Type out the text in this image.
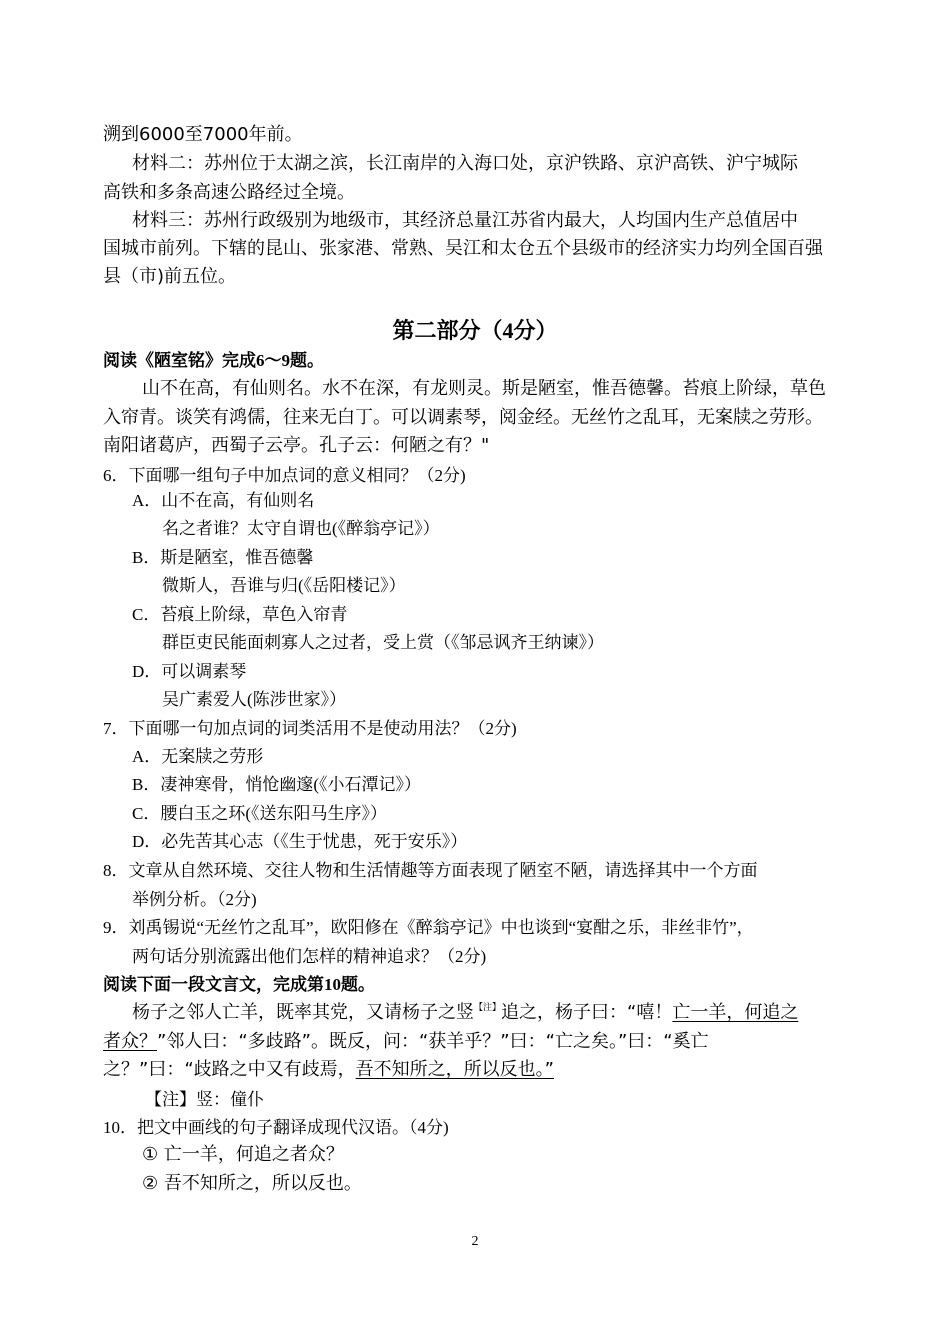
溯到6000至7000年前。
材料二：苏州位于太湖之滨，长江南岸的入海口处，京沪铁路、京沪高铁、沪宁城际
高铁和多条高速公路经过全境。
材料三：苏州行政级别为地级市，其经济总量江苏省内最大，人均国内生产总值居中
国城市前列。下辖的昆山、张家港、常熟、吴江和太仓五个县级市的经济实力均列全国百强
县（市)前五位。
第二部分（4分）
阅读《陋室铭》完成6～9题。
山不在高，有仙则名。水不在深，有龙则灵。斯是陋室，惟吾德馨。苔痕上阶绿，草色
入帘青。谈笑有鸿儒，往来无白丁。可以调素琴，阅金经。无丝竹之乱耳，无案牍之劳形。
南阳诸葛庐，西蜀子云亭。孔子云：何陋之有？"
6．下面哪一组句子中加点词的意义相同？（2分)
A．山不在高，有仙则名
名之者谁？太守自谓也(《醉翁亭记》）
B．斯是陋室，惟吾德馨
微斯人，吾谁与归(《岳阳楼记》）
C．苔痕上阶绿，草色入帘青
群臣吏民能面刺寡人之过者，受上赏（《邹忌讽齐王纳谏》）
D．可以调素琴
吴广素爱人(陈涉世家》）
7．下面哪一句加点词的词类活用不是使动用法？（2分)
A．无案牍之劳形
B．凄神寒骨，悄怆幽邃(《小石潭记》）
C．腰白玉之环(《送东阳马生序》）
D．必先苦其心志（《生于忧患，死于安乐》）
8．文章从自然环境、交往人物和生活情趣等方面表现了陋室不陋，请选择其中一个方面
举例分析。（2分)
9．刘禹锡说“无丝竹之乱耳”，欧阳修在《醉翁亭记》中也谈到“宴酣之乐，非丝非竹”，
两句话分别流露出他们怎样的精神追求？（2分)
阅读下面一段文言文，完成第10题。
杨子之邻人亡羊，既率其党，又请杨子之竖$^{【注】}$追之，杨子曰：“嘻！亡一羊，何追之
者众？”邻人曰：“多歧路”。既反，问：“获羊乎？”曰：“亡之矣。”曰：“奚亡
之？”曰：“歧路之中又有歧焉，吾不知所之，所以反也。”
【注】竖：僮仆
10．把文中画线的句子翻译成现代汉语。（4分)
① 亡一羊，何追之者众？
② 吾不知所之，所以反也。
2
